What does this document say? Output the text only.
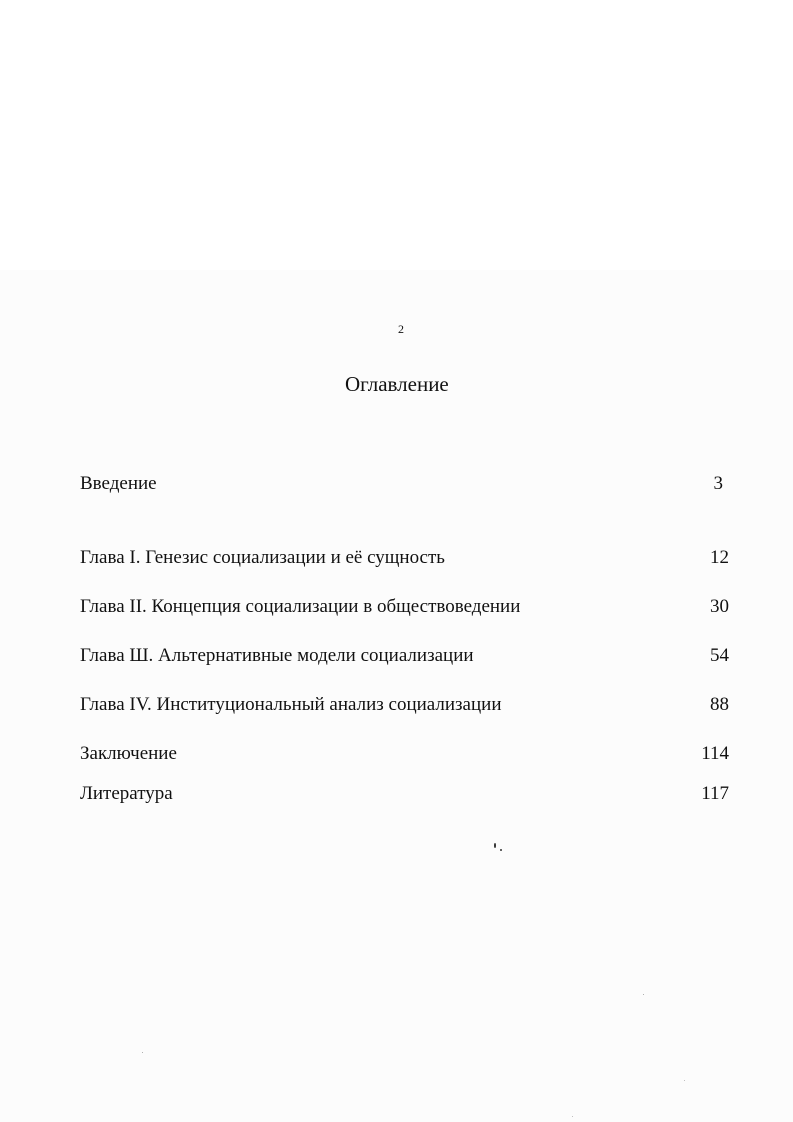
2
Оглавление
Введение	3
Глава I. Генезис социализации и её сущность	12
Глава II. Концепция социализации в обществоведении	30
Глава Ш. Альтернативные модели социализации	54
Глава IV. Институциональный анализ социализации	88
Заключение	114
Литература	117
